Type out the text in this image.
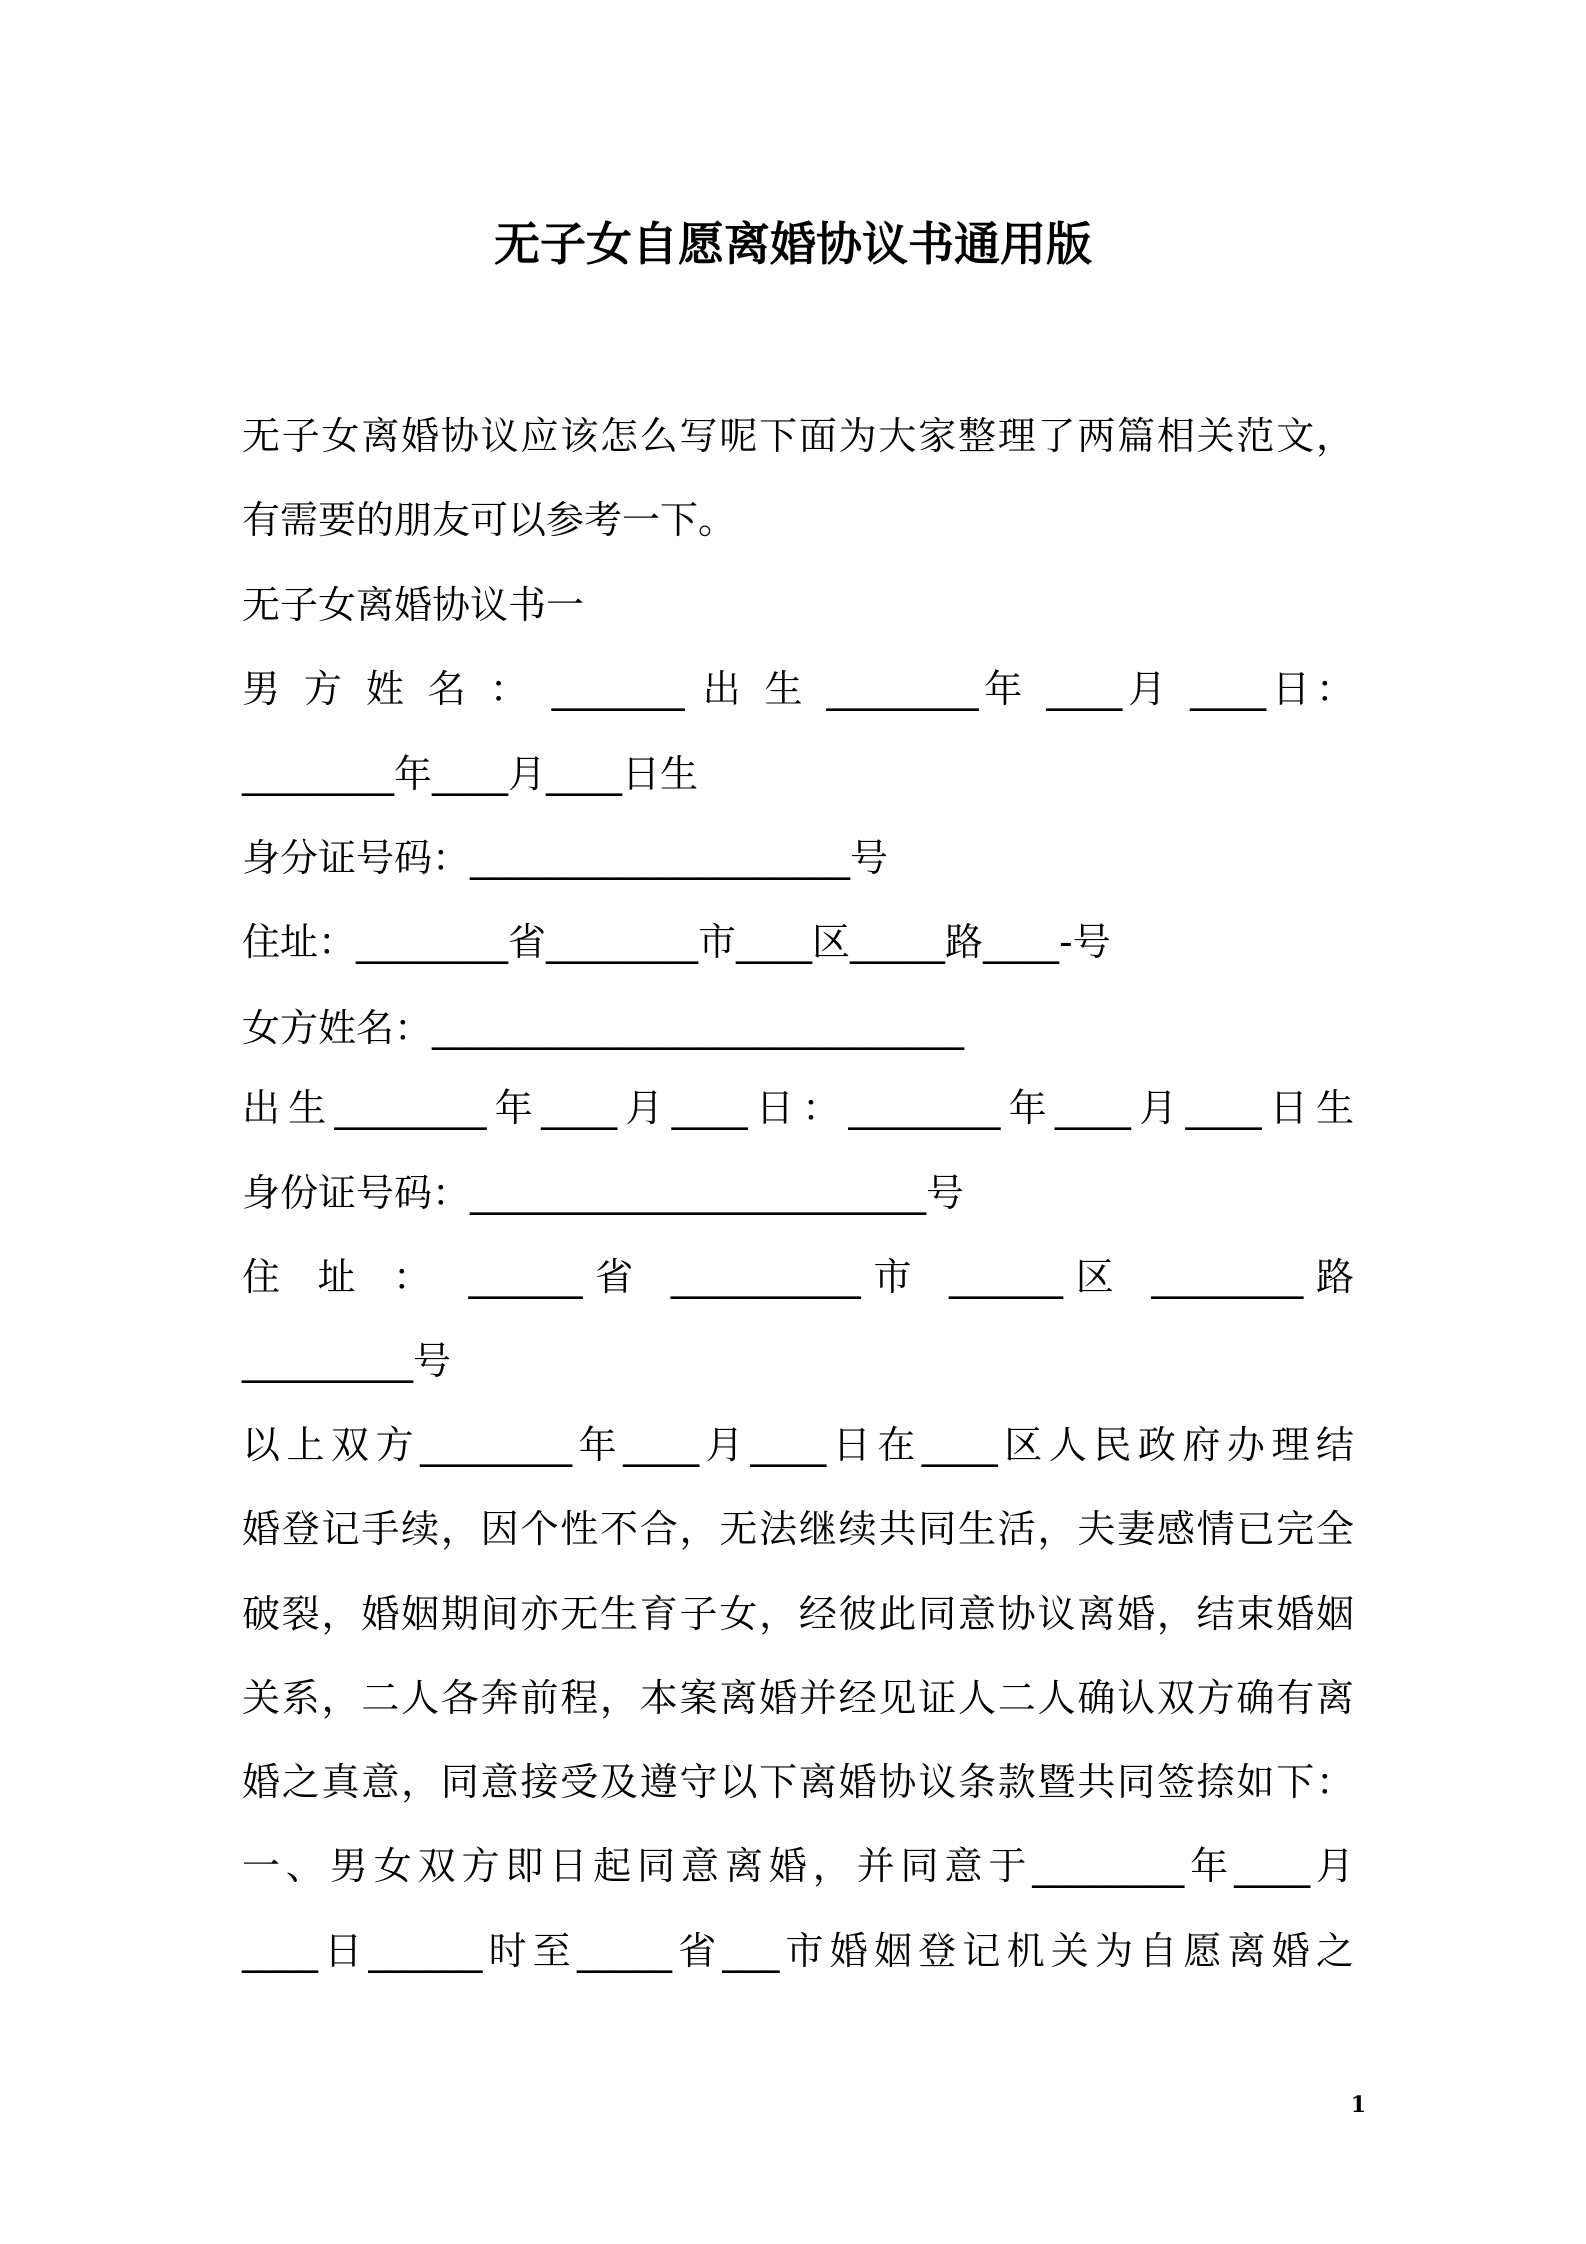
无子女自愿离婚协议书通用版
无子女离婚协议应该怎么写呢下面为大家整理了两篇相关范文，
有需要的朋友可以参考一下。
无子女离婚协议书一
男 方 姓 名 ： _______ 出 生 ________年 ____月 ____日：
________年____月____日生
身分证号码：____________________号
住址：________省________市____区_____路____-号
女方姓名：____________________________
出生________年____月____日：________年____月____日生
身份证号码：________________________号
住 址 ： ______省 __________市 ______区 ________路
_________号
以上双方________年____月____日在____区人民政府办理结
婚登记手续，因个性不合，无法继续共同生活，夫妻感情已完全
破裂，婚姻期间亦无生育子女，经彼此同意协议离婚，结束婚姻
关系，二人各奔前程，本案离婚并经见证人二人确认双方确有离
婚之真意，同意接受及遵守以下离婚协议条款暨共同签捺如下：
一、男女双方即日起同意离婚，并同意于________年____月
____日______时至_____省___市婚姻登记机关为自愿离婚之
1
